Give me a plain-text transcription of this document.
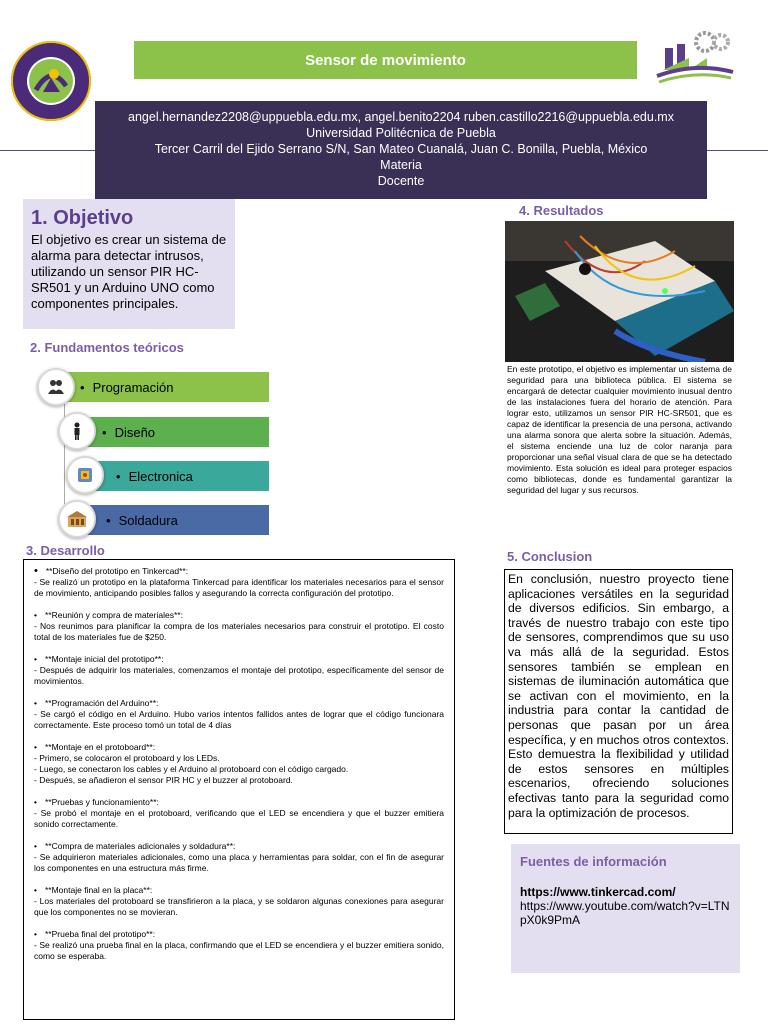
Sensor de movimiento
angel.hernandez2208@uppuebla.edu.mx, angel.benito2204 ruben.castillo2216@uppuebla.edu.mx
Universidad Politécnica de Puebla
Tercer Carril del Ejido Serrano S/N, San Mateo Cuanalá, Juan C. Bonilla, Puebla, México
Materia
Docente
1. Objetivo
El objetivo es crear un sistema de alarma para detectar intrusos, utilizando un sensor PIR HC-SR501 y un Arduino UNO como componentes principales.
2. Fundamentos teóricos
• Programación
• Diseño
• Electronica
• Soldadura
3. Desarrollo
• **Diseño del prototipo en Tinkercad**:
- Se realizó un prototipo en la plataforma Tinkercad para identificar los materiales necesarios para el sensor de movimiento, anticipando posibles fallos y asegurando la correcta configuración del prototipo.
• **Reunión y compra de materiales**:
- Nos reunimos para planificar la compra de los materiales necesarios para construir el prototipo. El costo total de los materiales fue de $250.
• **Montaje inicial del prototipo**:
- Después de adquirir los materiales, comenzamos el montaje del prototipo, específicamente del sensor de movimientos.
• **Programación del Arduino**:
- Se cargó el código en el Arduino. Hubo varios intentos fallidos antes de lograr que el código funcionara correctamente. Este proceso tomó un total de 4 días
• **Montaje en el protoboard**:
- Primero, se colocaron el protoboard y los LEDs.
- Luego, se conectaron los cables y el Arduino al protoboard con el código cargado.
- Después, se añadieron el sensor PIR HC y el buzzer al protoboard.
• **Pruebas y funcionamiento**:
- Se probó el montaje en el protoboard, verificando que el LED se encendiera y que el buzzer emitiera sonido correctamente.
• **Compra de materiales adicionales y soldadura**:
- Se adquirieron materiales adicionales, como una placa y herramientas para soldar, con el fin de asegurar los componentes en una estructura más firme.
• **Montaje final en la placa**:
- Los materiales del protoboard se transfirieron a la placa, y se soldaron algunas conexiones para asegurar que los componentes no se movieran.
• **Prueba final del prototipo**:
- Se realizó una prueba final en la placa, confirmando que el LED se encendiera y el buzzer emitiera sonido, como se esperaba.
4. Resultados
En este prototipo, el objetivo es implementar un sistema de seguridad para una biblioteca pública. El sistema se encargará de detectar cualquier movimiento inusual dentro de las instalaciones fuera del horario de atención. Para lograr esto, utilizamos un sensor PIR HC-SR501, que es capaz de identificar la presencia de una persona, activando una alarma sonora que alerta sobre la situación. Además, el sistema enciende una luz de color naranja para proporcionar una señal visual clara de que se ha detectado movimiento. Esta solución es ideal para proteger espacios como bibliotecas, donde es fundamental garantizar la seguridad del lugar y sus recursos.
5. Conclusion
En conclusión, nuestro proyecto tiene aplicaciones versátiles en la seguridad de diversos edificios. Sin embargo, a través de nuestro trabajo con este tipo de sensores, comprendimos que su uso va más allá de la seguridad. Estos sensores también se emplean en sistemas de iluminación automática que se activan con el movimiento, en la industria para contar la cantidad de personas que pasan por un área específica, y en muchos otros contextos. Esto demuestra la flexibilidad y utilidad de estos sensores en múltiples escenarios, ofreciendo soluciones efectivas tanto para la seguridad como para la optimización de procesos.
Fuentes de información
https://www.tinkercad.com/
https://www.youtube.com/watch?v=LTNpX0k9PmA
